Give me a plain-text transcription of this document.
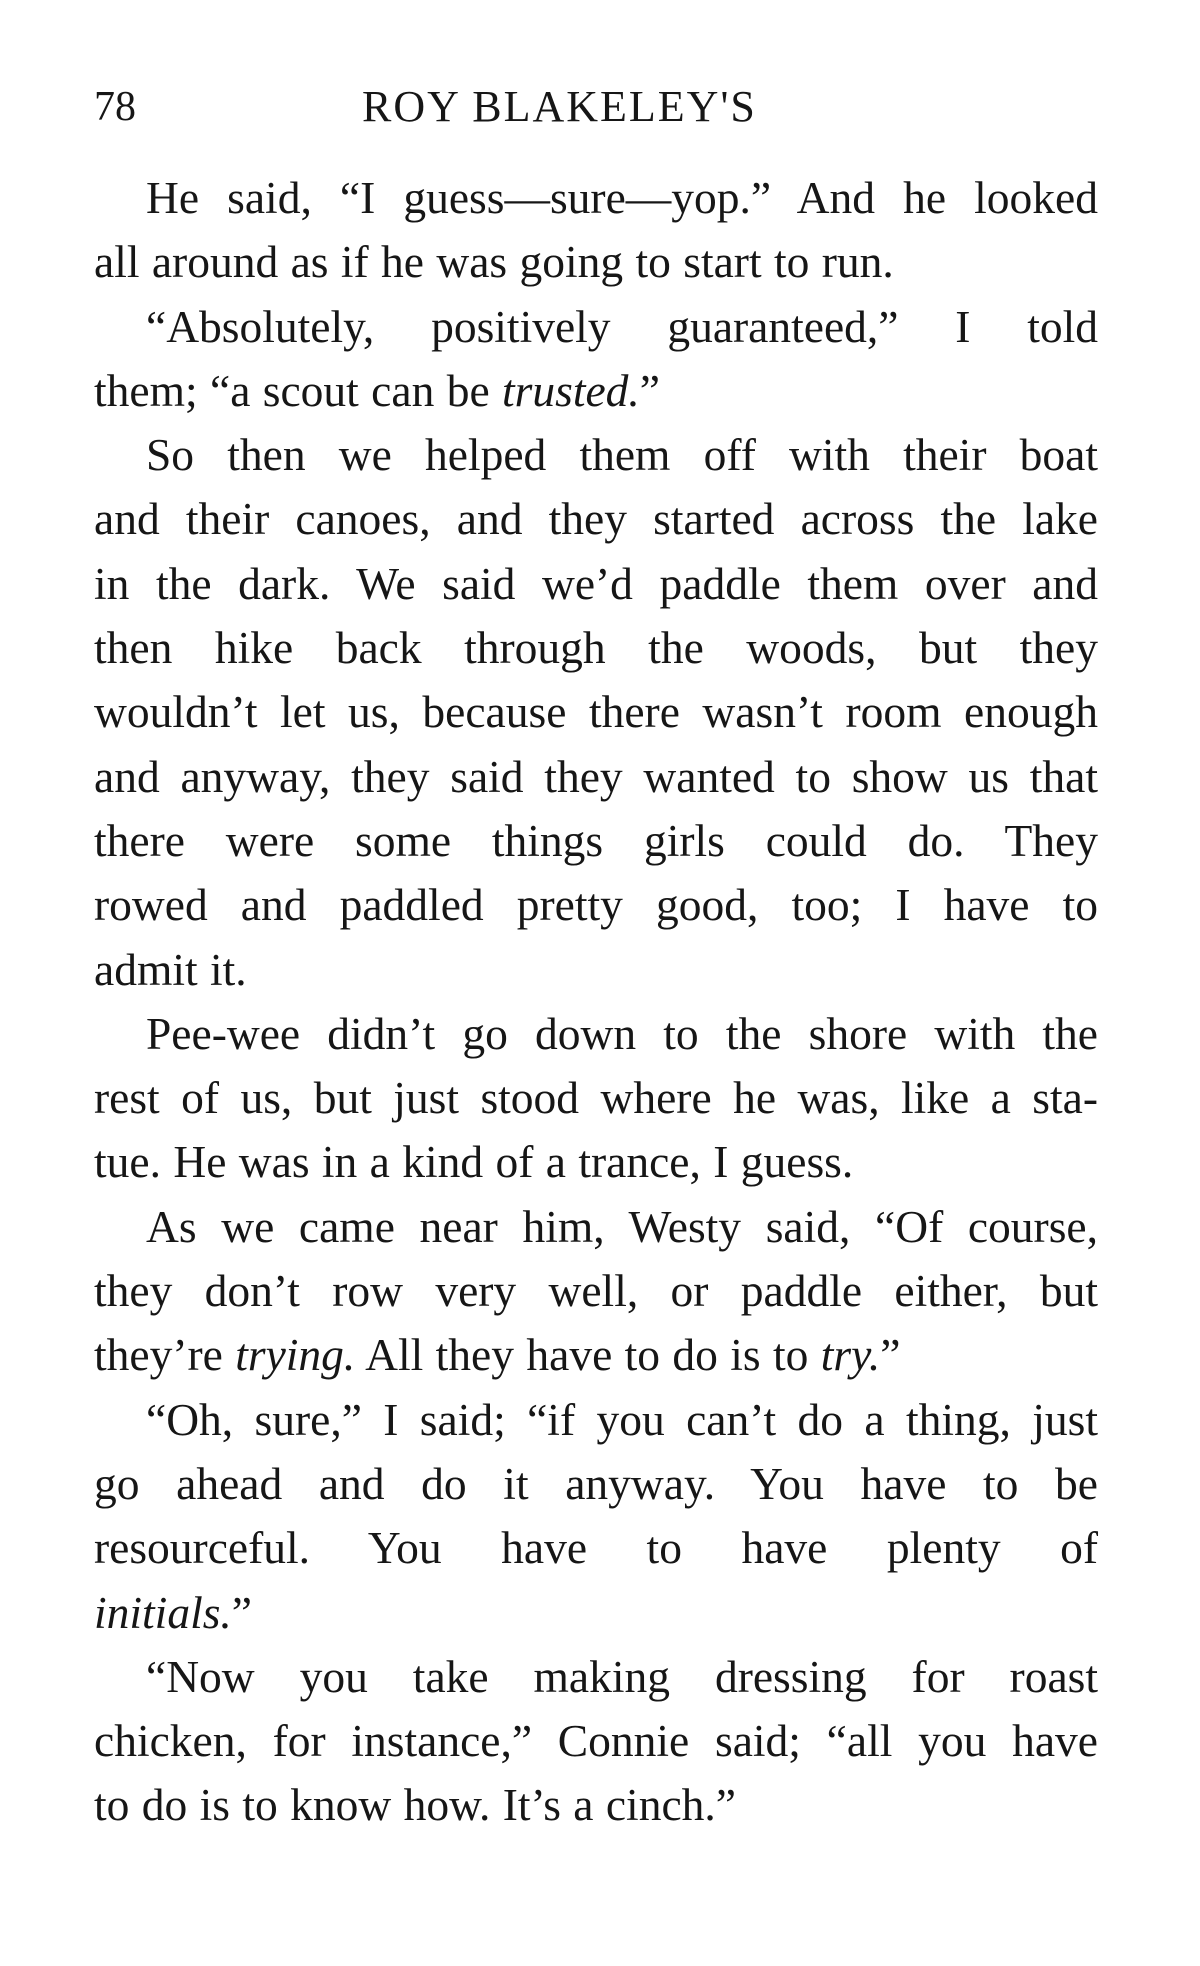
78	ROY BLAKELEY'S
He said, “I guess—sure—yop.” And he looked
all around as if he was going to start to run.
“Absolutely, positively guaranteed,” I told
them; “a scout can be trusted.”
So then we helped them off with their boat
and their canoes, and they started across the lake
in the dark. We said we’d paddle them over and
then hike back through the woods, but they
wouldn’t let us, because there wasn’t room enough
and anyway, they said they wanted to show us that
there were some things girls could do. They
rowed and paddled pretty good, too; I have to
admit it.
Pee-wee didn’t go down to the shore with the
rest of us, but just stood where he was, like a sta-
tue. He was in a kind of a trance, I guess.
As we came near him, Westy said, “Of course,
they don’t row very well, or paddle either, but
they’re trying. All they have to do is to try.”
“Oh, sure,” I said; “if you can’t do a thing, just
go ahead and do it anyway. You have to be
resourceful. You have to have plenty of
initials.”
“Now you take making dressing for roast
chicken, for instance,” Connie said; “all you have
to do is to know how. It’s a cinch.”
